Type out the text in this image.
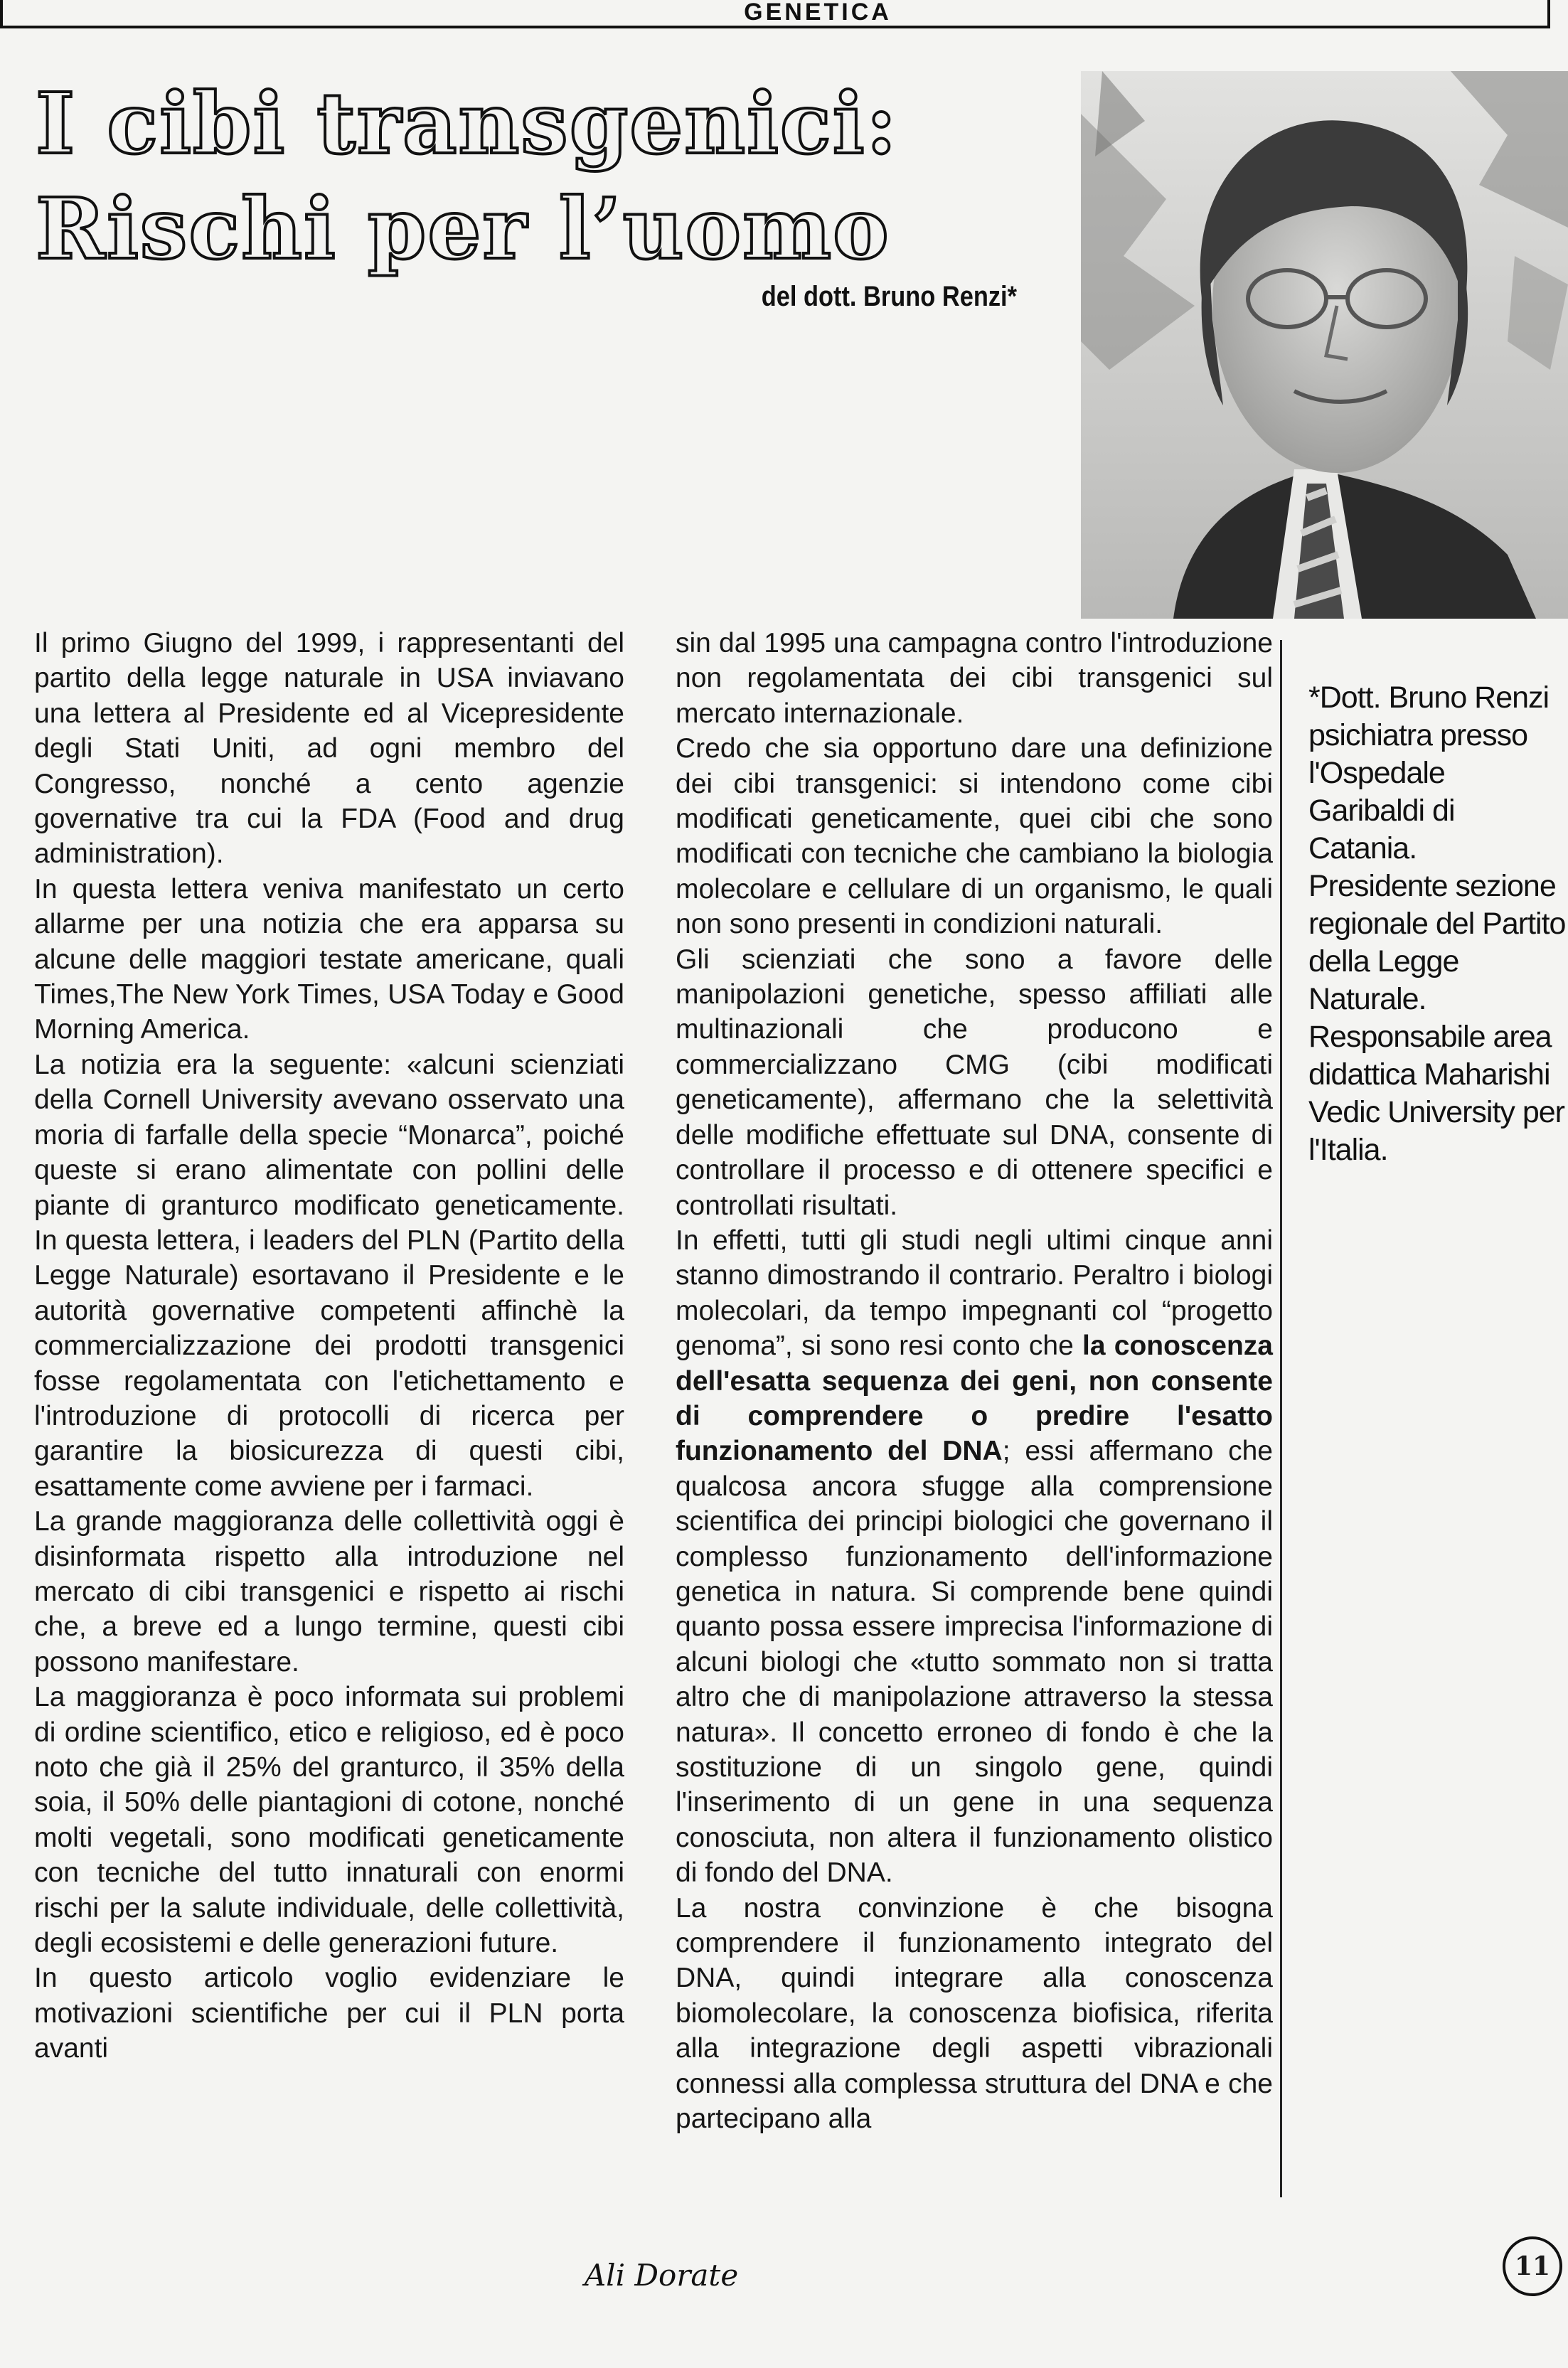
GENETICA
I cibi transgenici:
Rischi per l’uomo
del dott. Bruno Renzi*

Il primo Giugno del 1999, i rappresentanti del partito della legge naturale in USA inviavano una lettera al Presidente ed al Vicepresidente degli Stati Uniti, ad ogni membro del Congresso, nonché a cento agenzie governative tra cui la FDA (Food and drug administration).

In questa lettera veniva manifestato un certo allarme per una notizia che era apparsa su alcune delle maggiori testate americane, quali Times,The New York Times, USA Today e Good Morning America.

La notizia era la seguente: «alcuni scienziati della Cornell University avevano osservato una moria di farfalle della specie “Monarca”, poiché queste si erano alimentate con pollini delle piante di granturco modificato geneticamente. In questa lettera, i leaders del PLN (Partito della Legge Naturale) esortavano il Presidente e le autorità governative competenti affinchè la commercializzazione dei prodotti transgenici fosse regolamentata con l'etichettamento e l'introduzione di protocolli di ricerca per garantire la biosicurezza di questi cibi, esattamente come avviene per i farmaci.

La grande maggioranza delle collettività oggi è disinformata rispetto alla introduzione nel mercato di cibi transgenici e rispetto ai rischi che, a breve ed a lungo termine, questi cibi possono manifestare.

La maggioranza è poco informata sui problemi di ordine scientifico, etico e religioso, ed è poco noto che già il 25% del granturco, il 35% della soia, il 50% delle piantagioni di cotone, nonché molti vegetali, sono modificati geneticamente con tecniche del tutto innaturali con enormi rischi per la salute individuale, delle collettività, degli ecosistemi e delle generazioni future.

In questo articolo voglio evidenziare le motivazioni scientifiche per cui il PLN porta avanti

sin dal 1995 una campagna contro l'introduzione non regolamentata dei cibi transgenici sul mercato internazionale.

Credo che sia opportuno dare una definizione dei cibi transgenici: si intendono come cibi modificati geneticamente, quei cibi che sono modificati con tecniche che cambiano la biologia molecolare e cellulare di un organismo, le quali non sono presenti in condizioni naturali.

Gli scienziati che sono a favore delle manipolazioni genetiche, spesso affiliati alle multinazionali che producono e commercializzano CMG (cibi modificati geneticamente), affermano che la selettività delle modifiche effettuate sul DNA, consente di controllare il processo e di ottenere specifici e controllati risultati.

In effetti, tutti gli studi negli ultimi cinque anni stanno dimostrando il contrario. Peraltro i biologi molecolari, da tempo impegnanti col “progetto genoma”, si sono resi conto che la conoscenza dell'esatta sequenza dei geni, non consente di comprendere o predire l'esatto funzionamento del DNA; essi affermano che qualcosa ancora sfugge alla comprensione scientifica dei principi biologici che governano il complesso funzionamento dell'informazione genetica in natura. Si comprende bene quindi quanto possa essere imprecisa l'informazione di alcuni biologi che «tutto sommato non si tratta altro che di manipolazione attraverso la stessa natura». Il concetto erroneo di fondo è che la sostituzione di un singolo gene, quindi l'inserimento di un gene in una sequenza conosciuta, non altera il funzionamento olistico di fondo del DNA.

La nostra convinzione è che bisogna comprendere il funzionamento integrato del DNA, quindi integrare alla conoscenza biomolecolare, la conoscenza biofisica, riferita alla integrazione degli aspetti vibrazionali connessi alla complessa struttura del DNA e che partecipano alla

*Dott. Bruno Renzi psichiatra presso l'Ospedale Garibaldi di Catania.

Presidente sezione regionale del Partito della Legge Naturale.

Responsabile area didattica Maharishi Vedic University per l'Italia.

Ali Dorate	11
